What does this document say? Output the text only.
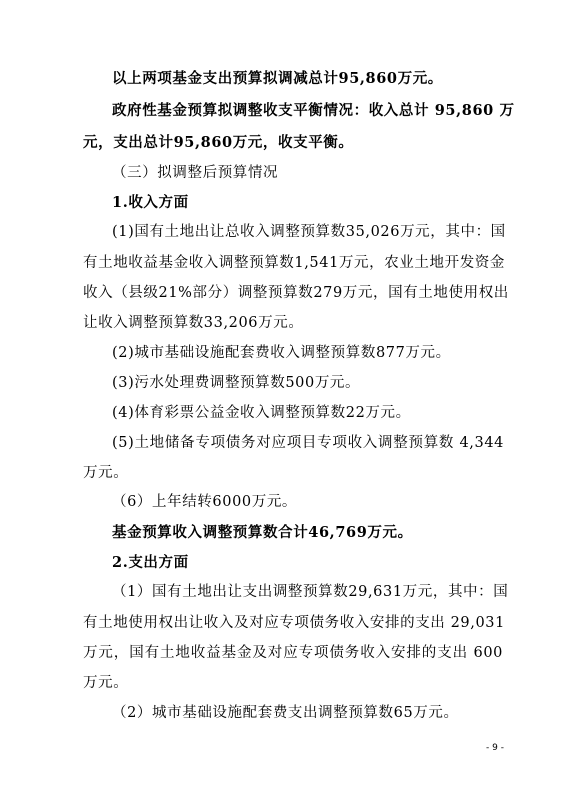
以上两项基金支出预算拟调减总计95,860万元。
政府性基金预算拟调整收支平衡情况：收入总计 95,860 万
元，支出总计95,860万元，收支平衡。
（三）拟调整后预算情况
1.收入方面
(1)国有土地出让总收入调整预算数35,026万元，其中：国
有土地收益基金收入调整预算数1,541万元，农业土地开发资金
收入（县级21%部分）调整预算数279万元，国有土地使用权出
让收入调整预算数33,206万元。
(2)城市基础设施配套费收入调整预算数877万元。
(3)污水处理费调整预算数500万元。
(4)体育彩票公益金收入调整预算数22万元。
(5)土地储备专项债务对应项目专项收入调整预算数 4,344
万元。
（6）上年结转6000万元。
基金预算收入调整预算数合计46,769万元。
2.支出方面
（1）国有土地出让支出调整预算数29,631万元，其中：国
有土地使用权出让收入及对应专项债务收入安排的支出 29,031
万元，国有土地收益基金及对应专项债务收入安排的支出 600
万元。
（2）城市基础设施配套费支出调整预算数65万元。
- 9 -
